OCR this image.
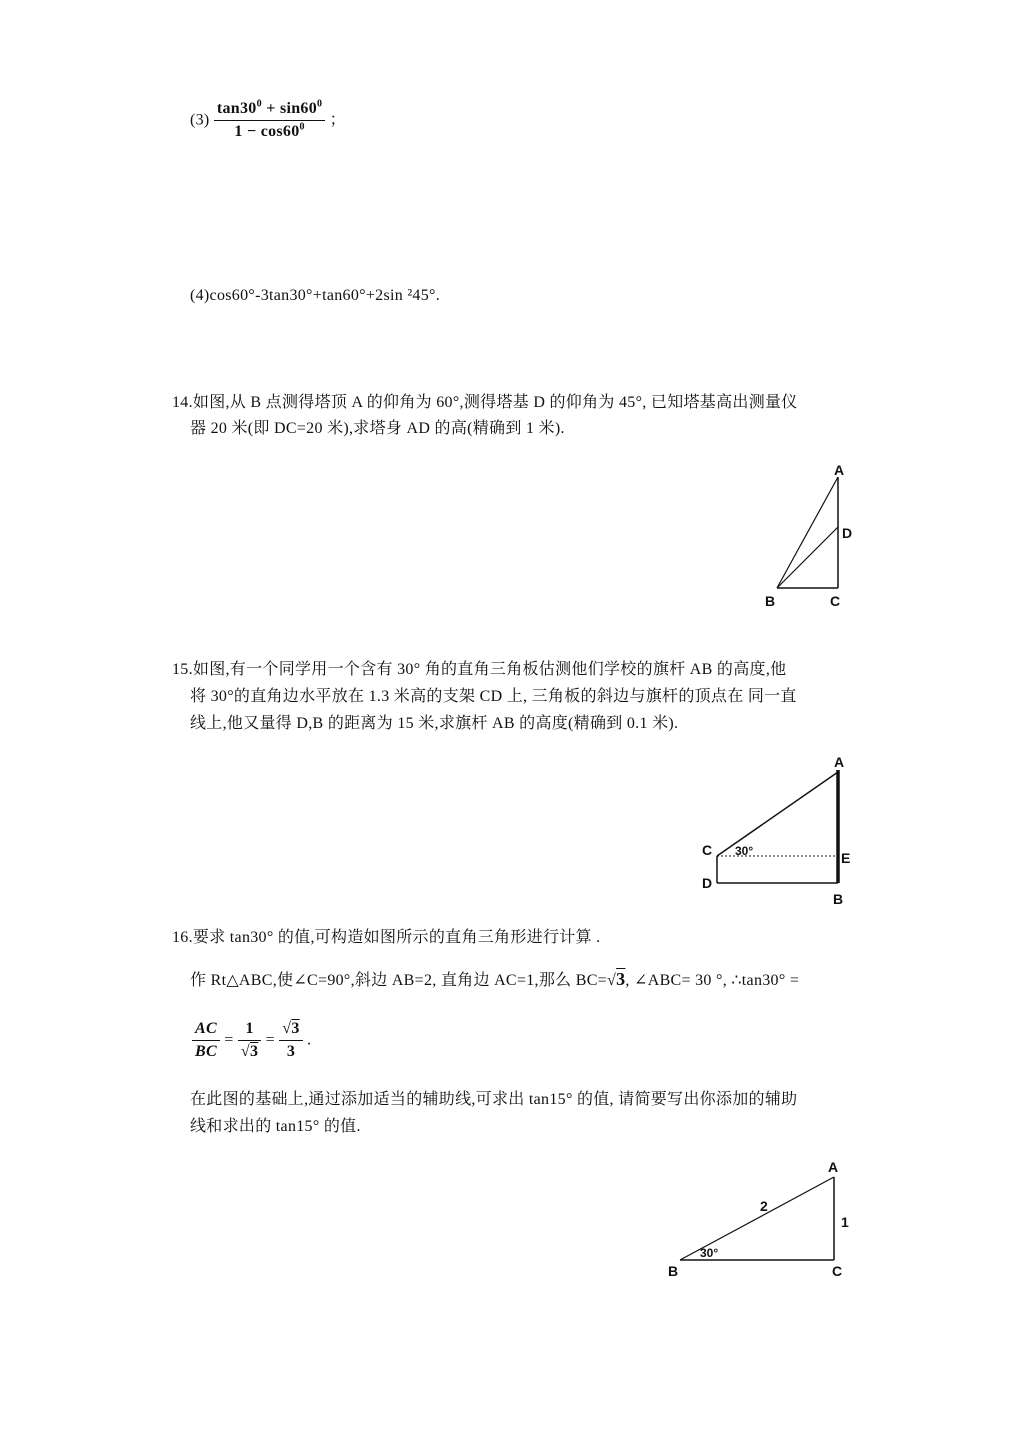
$(3) \frac{\tan 30^0 + \sin 60^0}{1 - \cos 60^0}$ ；
(4)cos60°-3tan30°+tan60°+2sin ²45°.
14.如图,从 B 点测得塔顶 A 的仰角为 60°,测得塔基 D 的仰角为 45°, 已知塔基高出测量仪
器 20 米(即 DC=20 米),求塔身 AD 的高(精确到 1 米).
A
D
B	C
15.如图,有一个同学用一个含有 30° 角的直角三角板估测他们学校的旗杆 AB 的高度,他
将 30°的直角边水平放在 1.3 米高的支架 CD 上, 三角板的斜边与旗杆的顶点在 同一直
线上,他又量得 D,B 的距离为 15 米,求旗杆 AB 的高度(精确到 0.1 米).
A
C 30°	E
D
B
16.要求 tan30° 的值,可构造如图所示的直角三角形进行计算 .
作 Rt△ABC,使∠C=90°,斜边 AB=2, 直角边 AC=1,那么 BC=√3, ∠ABC= 30 °, ∴tan30° =
$\frac{AC}{BC} = \frac{1}{√3} = \frac{√3}{3}$ .
在此图的基础上,通过添加适当的辅助线,可求出 tan15° 的值, 请简要写出你添加的辅助
线和求出的 tan15° 的值.
A
2
1
30°
B	C
